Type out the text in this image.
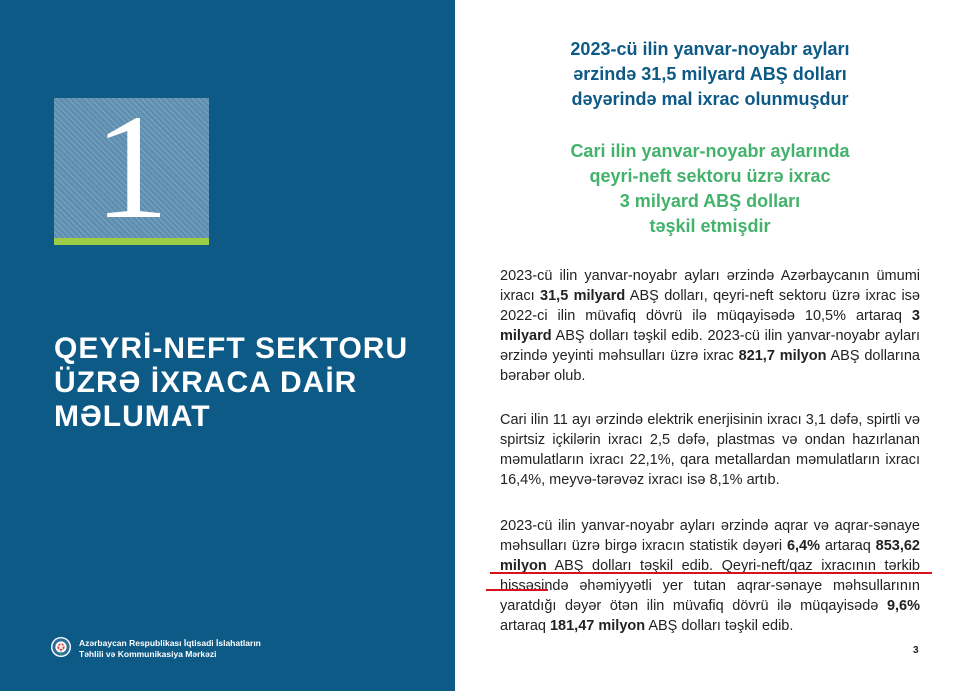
1
QEYRİ-NEFT SEKTORU
ÜZRƏ İXRACA DAİR
MƏLUMAT
Azərbaycan Respublikası İqtisadi İslahatların
Təhlili və Kommunikasiya Mərkəzi
2023-cü ilin yanvar-noyabr ayları
ərzində 31,5 milyard ABŞ dolları
dəyərində mal ixrac olunmuşdur
Cari ilin yanvar-noyabr aylarında
qeyri-neft sektoru üzrə ixrac
3 milyard ABŞ dolları
təşkil etmişdir
2023-cü ilin yanvar-noyabr ayları ərzində Azərbaycanın ümumi ixracı 31,5 milyard ABŞ dolları, qeyri-neft sektoru üzrə ixrac isə 2022-ci ilin müvafiq dövrü ilə müqayisədə 10,5% artaraq 3 milyard ABŞ dolları təşkil edib. 2023-cü ilin yanvar-noyabr ayları ərzində yeyinti məhsulları üzrə ixrac 821,7 milyon ABŞ dollarına bərabər olub.
Cari ilin 11 ayı ərzində elektrik enerjisinin ixracı 3,1 dəfə, spirtli və spirtsiz içkilərin ixracı 2,5 dəfə, plastmas və ondan hazırlanan məmulatların ixracı 22,1%, qara metallardan məmulatların ixracı 16,4%, meyvə-tərəvəz ixracı isə 8,1% artıb.
2023-cü ilin yanvar-noyabr ayları ərzində aqrar və aqrar-sənaye məhsulları üzrə birgə ixracın statistik dəyəri 6,4% artaraq 853,62 milyon ABŞ dolları təşkil edib. Qeyri-neft/qaz ixracının tərkib hissəsində əhəmiyyətli yer tutan aqrar-sənaye məhsullarının yaratdığı dəyər ötən ilin müvafiq dövrü ilə müqayisədə 9,6% artaraq 181,47 milyon ABŞ dolları təşkil edib.
3
